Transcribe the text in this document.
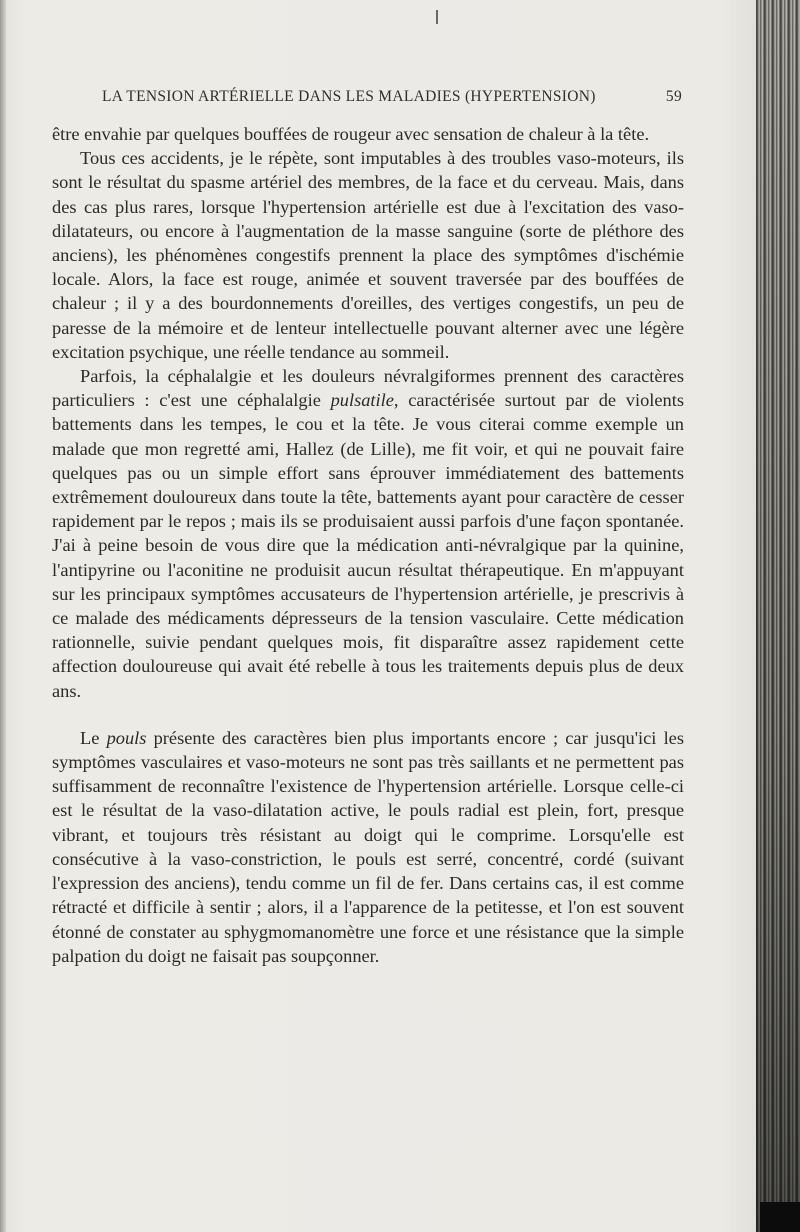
LA TENSION ARTÉRIELLE DANS LES MALADIES (HYPERTENSION)	59

être envahie par quelques bouffées de rougeur avec sensation de chaleur à la tête.

Tous ces accidents, je le répète, sont imputables à des troubles vaso-moteurs, ils sont le résultat du spasme artériel des membres, de la face et du cerveau. Mais, dans des cas plus rares, lorsque l'hypertension artérielle est due à l'excitation des vaso-dilatateurs, ou encore à l'augmentation de la masse sanguine (sorte de pléthore des anciens), les phénomènes congestifs prennent la place des symptômes d'ischémie locale. Alors, la face est rouge, animée et souvent traversée par des bouffées de chaleur ; il y a des bourdonnements d'oreilles, des vertiges congestifs, un peu de paresse de la mémoire et de lenteur intellectuelle pouvant alterner avec une légère excitation psychique, une réelle tendance au sommeil.

Parfois, la céphalalgie et les douleurs névralgiformes prennent des caractères particuliers : c'est une céphalalgie pulsatile, caractérisée surtout par de violents battements dans les tempes, le cou et la tête. Je vous citerai comme exemple un malade que mon regretté ami, Hallez (de Lille), me fit voir, et qui ne pouvait faire quelques pas ou un simple effort sans éprouver immédiatement des battements extrêmement douloureux dans toute la tête, battements ayant pour caractère de cesser rapidement par le repos ; mais ils se produisaient aussi parfois d'une façon spontanée. J'ai à peine besoin de vous dire que la médication anti-névralgique par la quinine, l'antipyrine ou l'aconitine ne produisit aucun résultat thérapeutique. En m'appuyant sur les principaux symptômes accusateurs de l'hypertension artérielle, je prescrivis à ce malade des médicaments dépresseurs de la tension vasculaire. Cette médication rationnelle, suivie pendant quelques mois, fit disparaître assez rapidement cette affection douloureuse qui avait été rebelle à tous les traitements depuis plus de deux ans.

Le pouls présente des caractères bien plus importants encore ; car jusqu'ici les symptômes vasculaires et vaso-moteurs ne sont pas très saillants et ne permettent pas suffisamment de reconnaître l'existence de l'hypertension artérielle. Lorsque celle-ci est le résultat de la vaso-dilatation active, le pouls radial est plein, fort, presque vibrant, et toujours très résistant au doigt qui le comprime. Lorsqu'elle est consécutive à la vaso-constriction, le pouls est serré, concentré, cordé (suivant l'expression des anciens), tendu comme un fil de fer. Dans certains cas, il est comme rétracté et difficile à sentir ; alors, il a l'apparence de la petitesse, et l'on est souvent étonné de constater au sphygmomanomètre une force et une résistance que la simple palpation du doigt ne faisait pas soupçonner.
